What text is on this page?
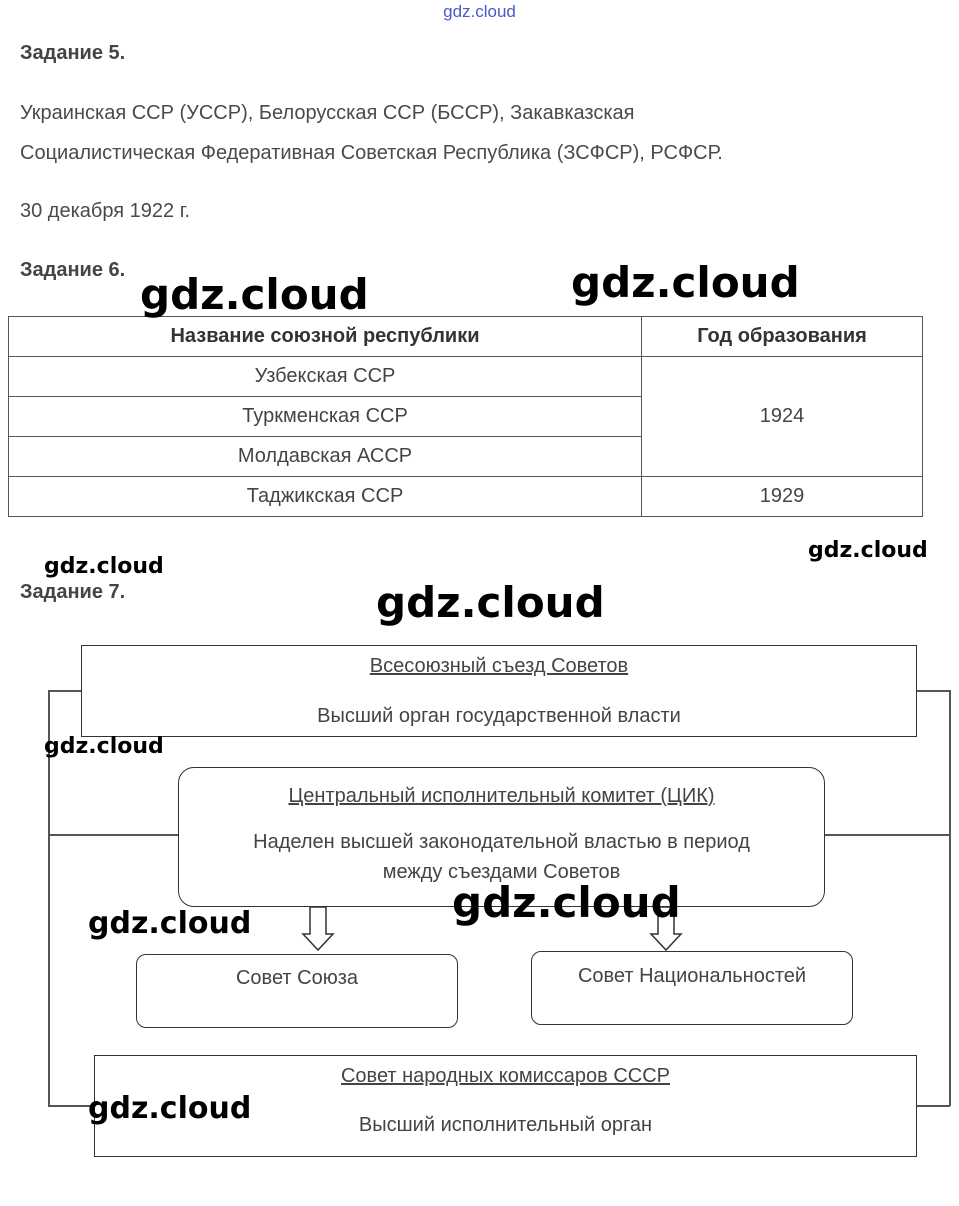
gdz.cloud
Задание 5.
Украинская ССР (УССР), Белорусская ССР (БССР), Закавказская
Социалистическая Федеративная Советская Республика (ЗСФСР), РСФСР.
30 декабря 1922 г.
Задание 6.
Название союзной республики	Год образования
Узбекская ССР	1924
Туркменская ССР	
Молдавская АССР	
Таджикская ССР	1929
Задание 7.
Всесоюзный съезд Советов
Высший орган государственной власти
Центральный исполнительный комитет (ЦИК)
Наделен высшей законодательной властью в период
между съездами Советов
Совет Союза	Совет Национальностей
Совет народных комиссаров СССР
Высший исполнительный орган
gdz.cloud	gdz.cloud
gdz.cloud
gdz.cloud
gdz.cloud
gdz.cloud
gdz.cloud	gdz.cloud
gdz.cloud
